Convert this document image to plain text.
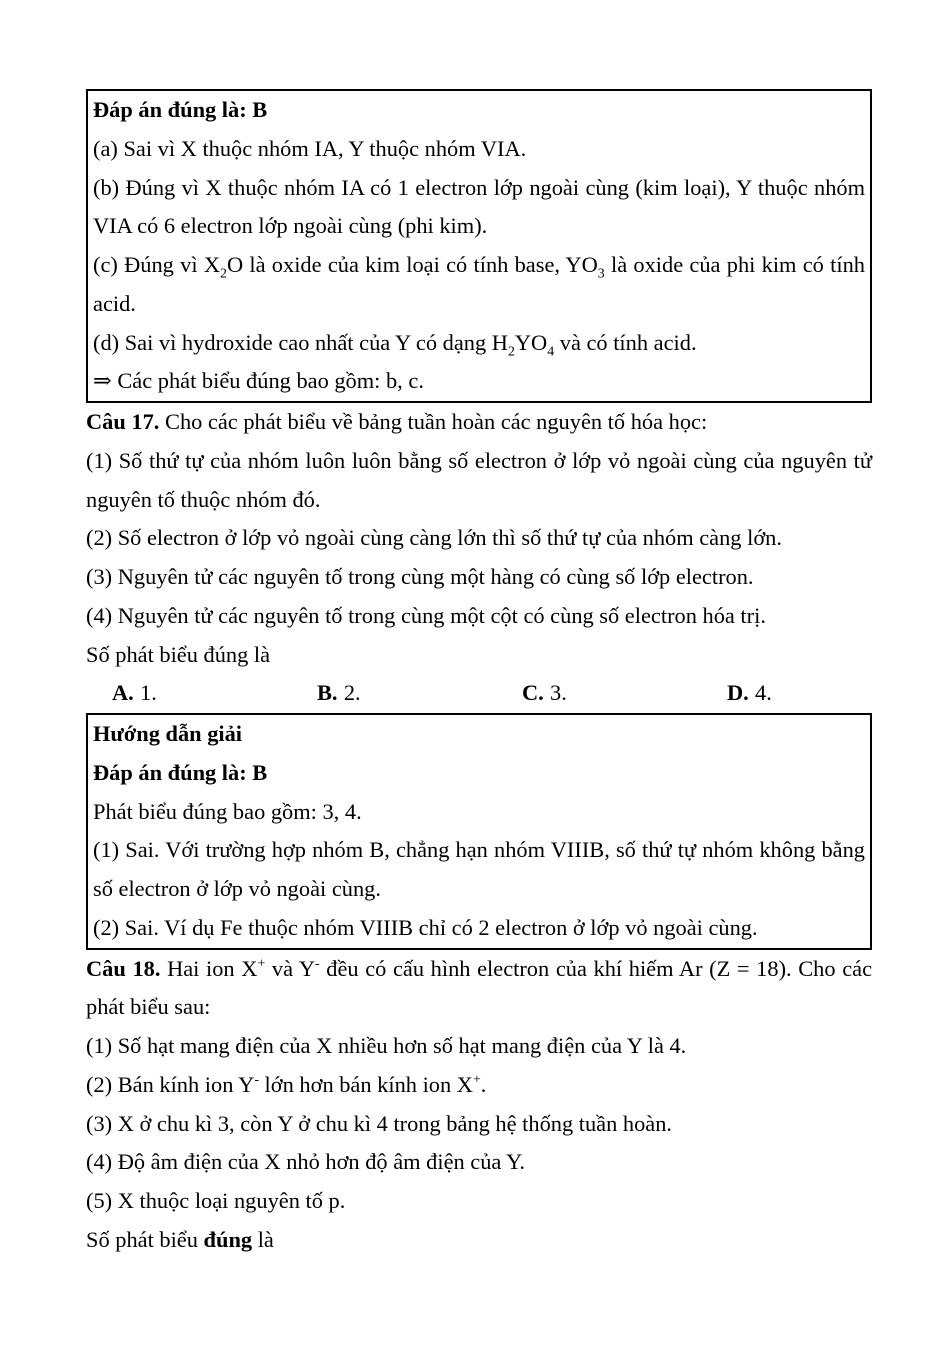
Đáp án đúng là: B

(a) Sai vì X thuộc nhóm IA, Y thuộc nhóm VIA.

(b) Đúng vì X thuộc nhóm IA có 1 electron lớp ngoài cùng (kim loại), Y thuộc nhóm VIA có 6 electron lớp ngoài cùng (phi kim).

(c) Đúng vì $X_2O$ là oxide của kim loại có tính base, $YO_3$ là oxide của phi kim có tính acid.

(d) Sai vì hydroxide cao nhất của Y có dạng $H_2YO_4$ và có tính acid.

⇒ Các phát biểu đúng bao gồm: b, c.

Câu 17. Cho các phát biểu về bảng tuần hoàn các nguyên tố hóa học:

(1) Số thứ tự của nhóm luôn luôn bằng số electron ở lớp vỏ ngoài cùng của nguyên tử nguyên tố thuộc nhóm đó.

(2) Số electron ở lớp vỏ ngoài cùng càng lớn thì số thứ tự của nhóm càng lớn.

(3) Nguyên tử các nguyên tố trong cùng một hàng có cùng số lớp electron.

(4) Nguyên tử các nguyên tố trong cùng một cột có cùng số electron hóa trị.

Số phát biểu đúng là

A. 1.	B. 2.	C. 3.	D. 4.

Hướng dẫn giải

Đáp án đúng là: B

Phát biểu đúng bao gồm: 3, 4.

(1) Sai. Với trường hợp nhóm B, chẳng hạn nhóm VIIIB, số thứ tự nhóm không bằng số electron ở lớp vỏ ngoài cùng.

(2) Sai. Ví dụ Fe thuộc nhóm VIIIB chỉ có 2 electron ở lớp vỏ ngoài cùng.

Câu 18. Hai ion X+ và Y- đều có cấu hình electron của khí hiếm Ar (Z = 18). Cho các phát biểu sau:

(1) Số hạt mang điện của X nhiều hơn số hạt mang điện của Y là 4.

(2) Bán kính ion Y- lớn hơn bán kính ion X+.

(3) X ở chu kì 3, còn Y ở chu kì 4 trong bảng hệ thống tuần hoàn.

(4) Độ âm điện của X nhỏ hơn độ âm điện của Y.

(5) X thuộc loại nguyên tố p.

Số phát biểu đúng là
